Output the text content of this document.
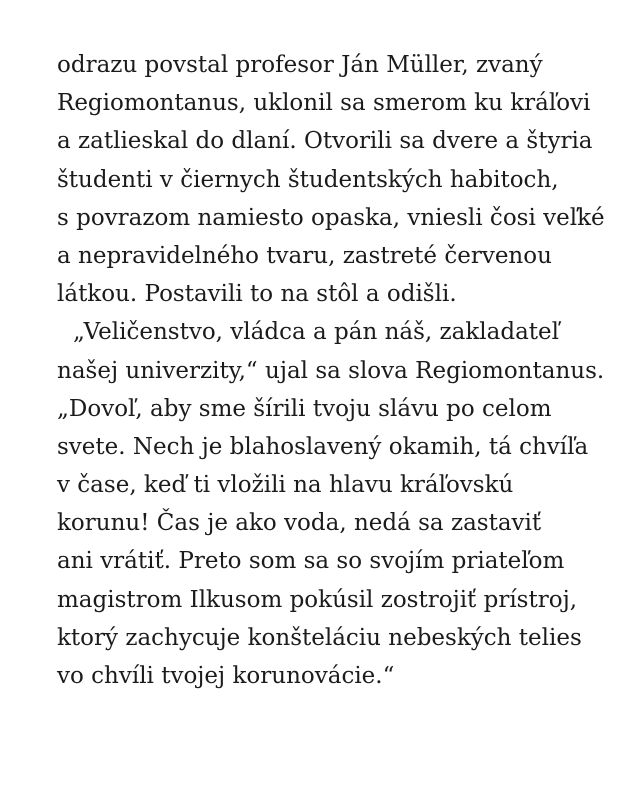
odrazu povstal profesor Ján Müller, zvaný
Regiomontanus, uklonil sa smerom ku kráľovi
a zatlieskal do dlaní. Otvorili sa dvere a štyria
študenti v čiernych študentských habitoch,
s povrazom namiesto opaska, vniesli čosi veľké
a nepravidelného tvaru, zastreté červenou
látkou. Postavili to na stôl a odišli.
„Veličenstvo, vládca a pán náš, zakladateľ
našej univerzity,“ ujal sa slova Regiomontanus.
„Dovoľ, aby sme šírili tvoju slávu po celom
svete. Nech je blahoslavený okamih, tá chvíľa
v čase, keď ti vložili na hlavu kráľovskú
korunu! Čas je ako voda, nedá sa zastaviť
ani vrátiť. Preto som sa so svojím priateľom
magistrom Ilkusom pokúsil zostrojiť prístroj,
ktorý zachycuje konšteláciu nebeských telies
vo chvíli tvojej korunovácie.“
